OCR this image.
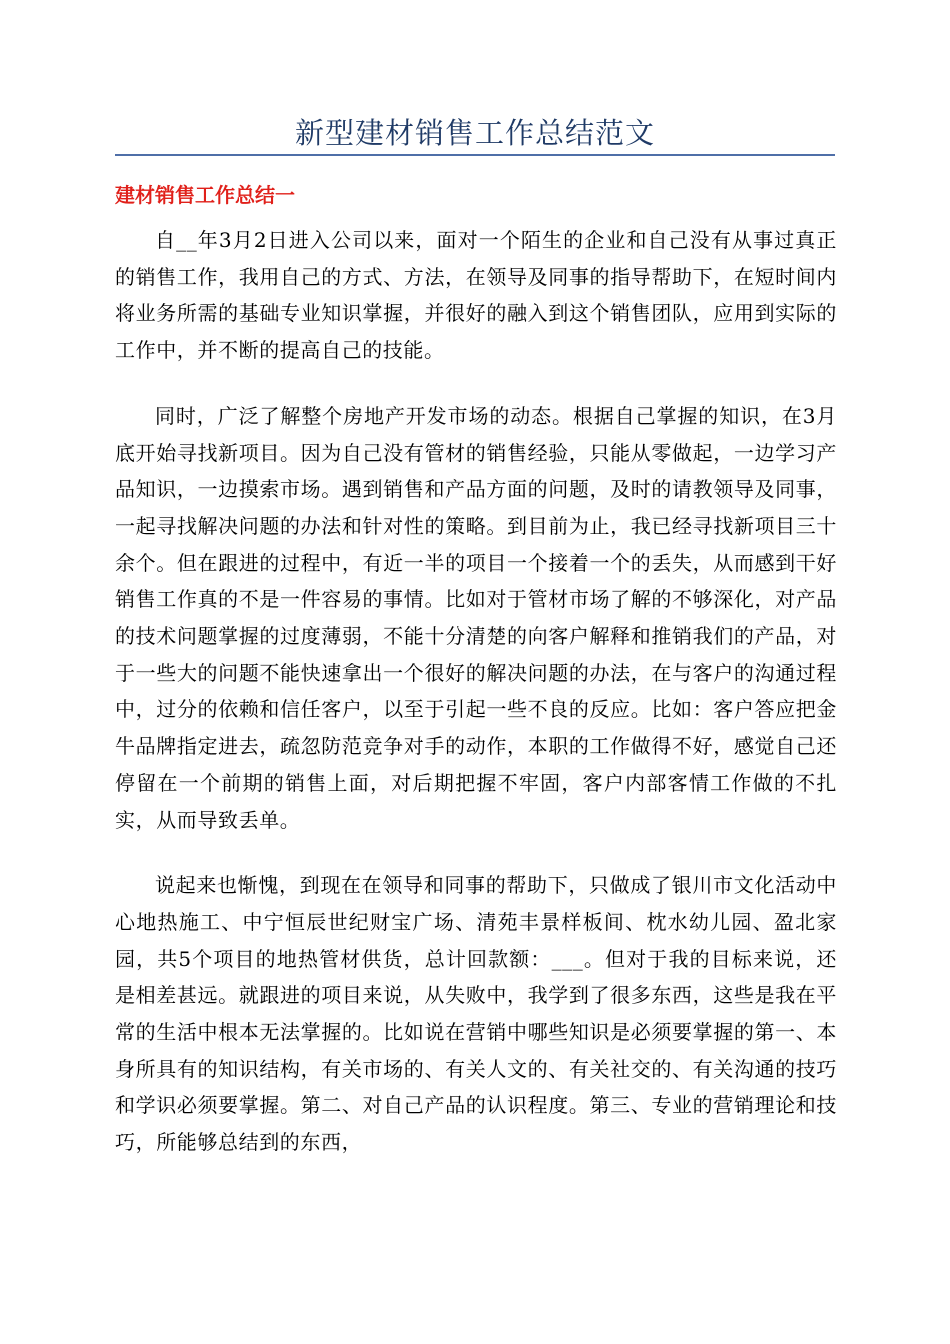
新型建材销售工作总结范文
建材销售工作总结一

自__年3月2日进入公司以来，面对一个陌生的企业和自己没有从事过真正的销售工作，我用自己的方式、方法，在领导及同事的指导帮助下，在短时间内将业务所需的基础专业知识掌握，并很好的融入到这个销售团队，应用到实际的工作中，并不断的提高自己的技能。

同时，广泛了解整个房地产开发市场的动态。根据自己掌握的知识，在3月底开始寻找新项目。因为自己没有管材的销售经验，只能从零做起，一边学习产品知识，一边摸索市场。遇到销售和产品方面的问题，及时的请教领导及同事，一起寻找解决问题的办法和针对性的策略。到目前为止，我已经寻找新项目三十余个。但在跟进的过程中，有近一半的项目一个接着一个的丢失，从而感到干好销售工作真的不是一件容易的事情。比如对于管材市场了解的不够深化，对产品的技术问题掌握的过度薄弱，不能十分清楚的向客户解释和推销我们的产品，对于一些大的问题不能快速拿出一个很好的解决问题的办法，在与客户的沟通过程中，过分的依赖和信任客户，以至于引起一些不良的反应。比如：客户答应把金牛品牌指定进去，疏忽防范竞争对手的动作，本职的工作做得不好，感觉自己还停留在一个前期的销售上面，对后期把握不牢固，客户内部客情工作做的不扎实，从而导致丢单。

说起来也惭愧，到现在在领导和同事的帮助下，只做成了银川市文化活动中心地热施工、中宁恒辰世纪财宝广场、清苑丰景样板间、枕水幼儿园、盈北家园，共5个项目的地热管材供货，总计回款额：___。但对于我的目标来说，还是相差甚远。就跟进的项目来说，从失败中，我学到了很多东西，这些是我在平常的生活中根本无法掌握的。比如说在营销中哪些知识是必须要掌握的第一、本身所具有的知识结构，有关市场的、有关人文的、有关社交的、有关沟通的技巧和学识必须要掌握。第二、对自己产品的认识程度。第三、专业的营销理论和技巧，所能够总结到的东西，
